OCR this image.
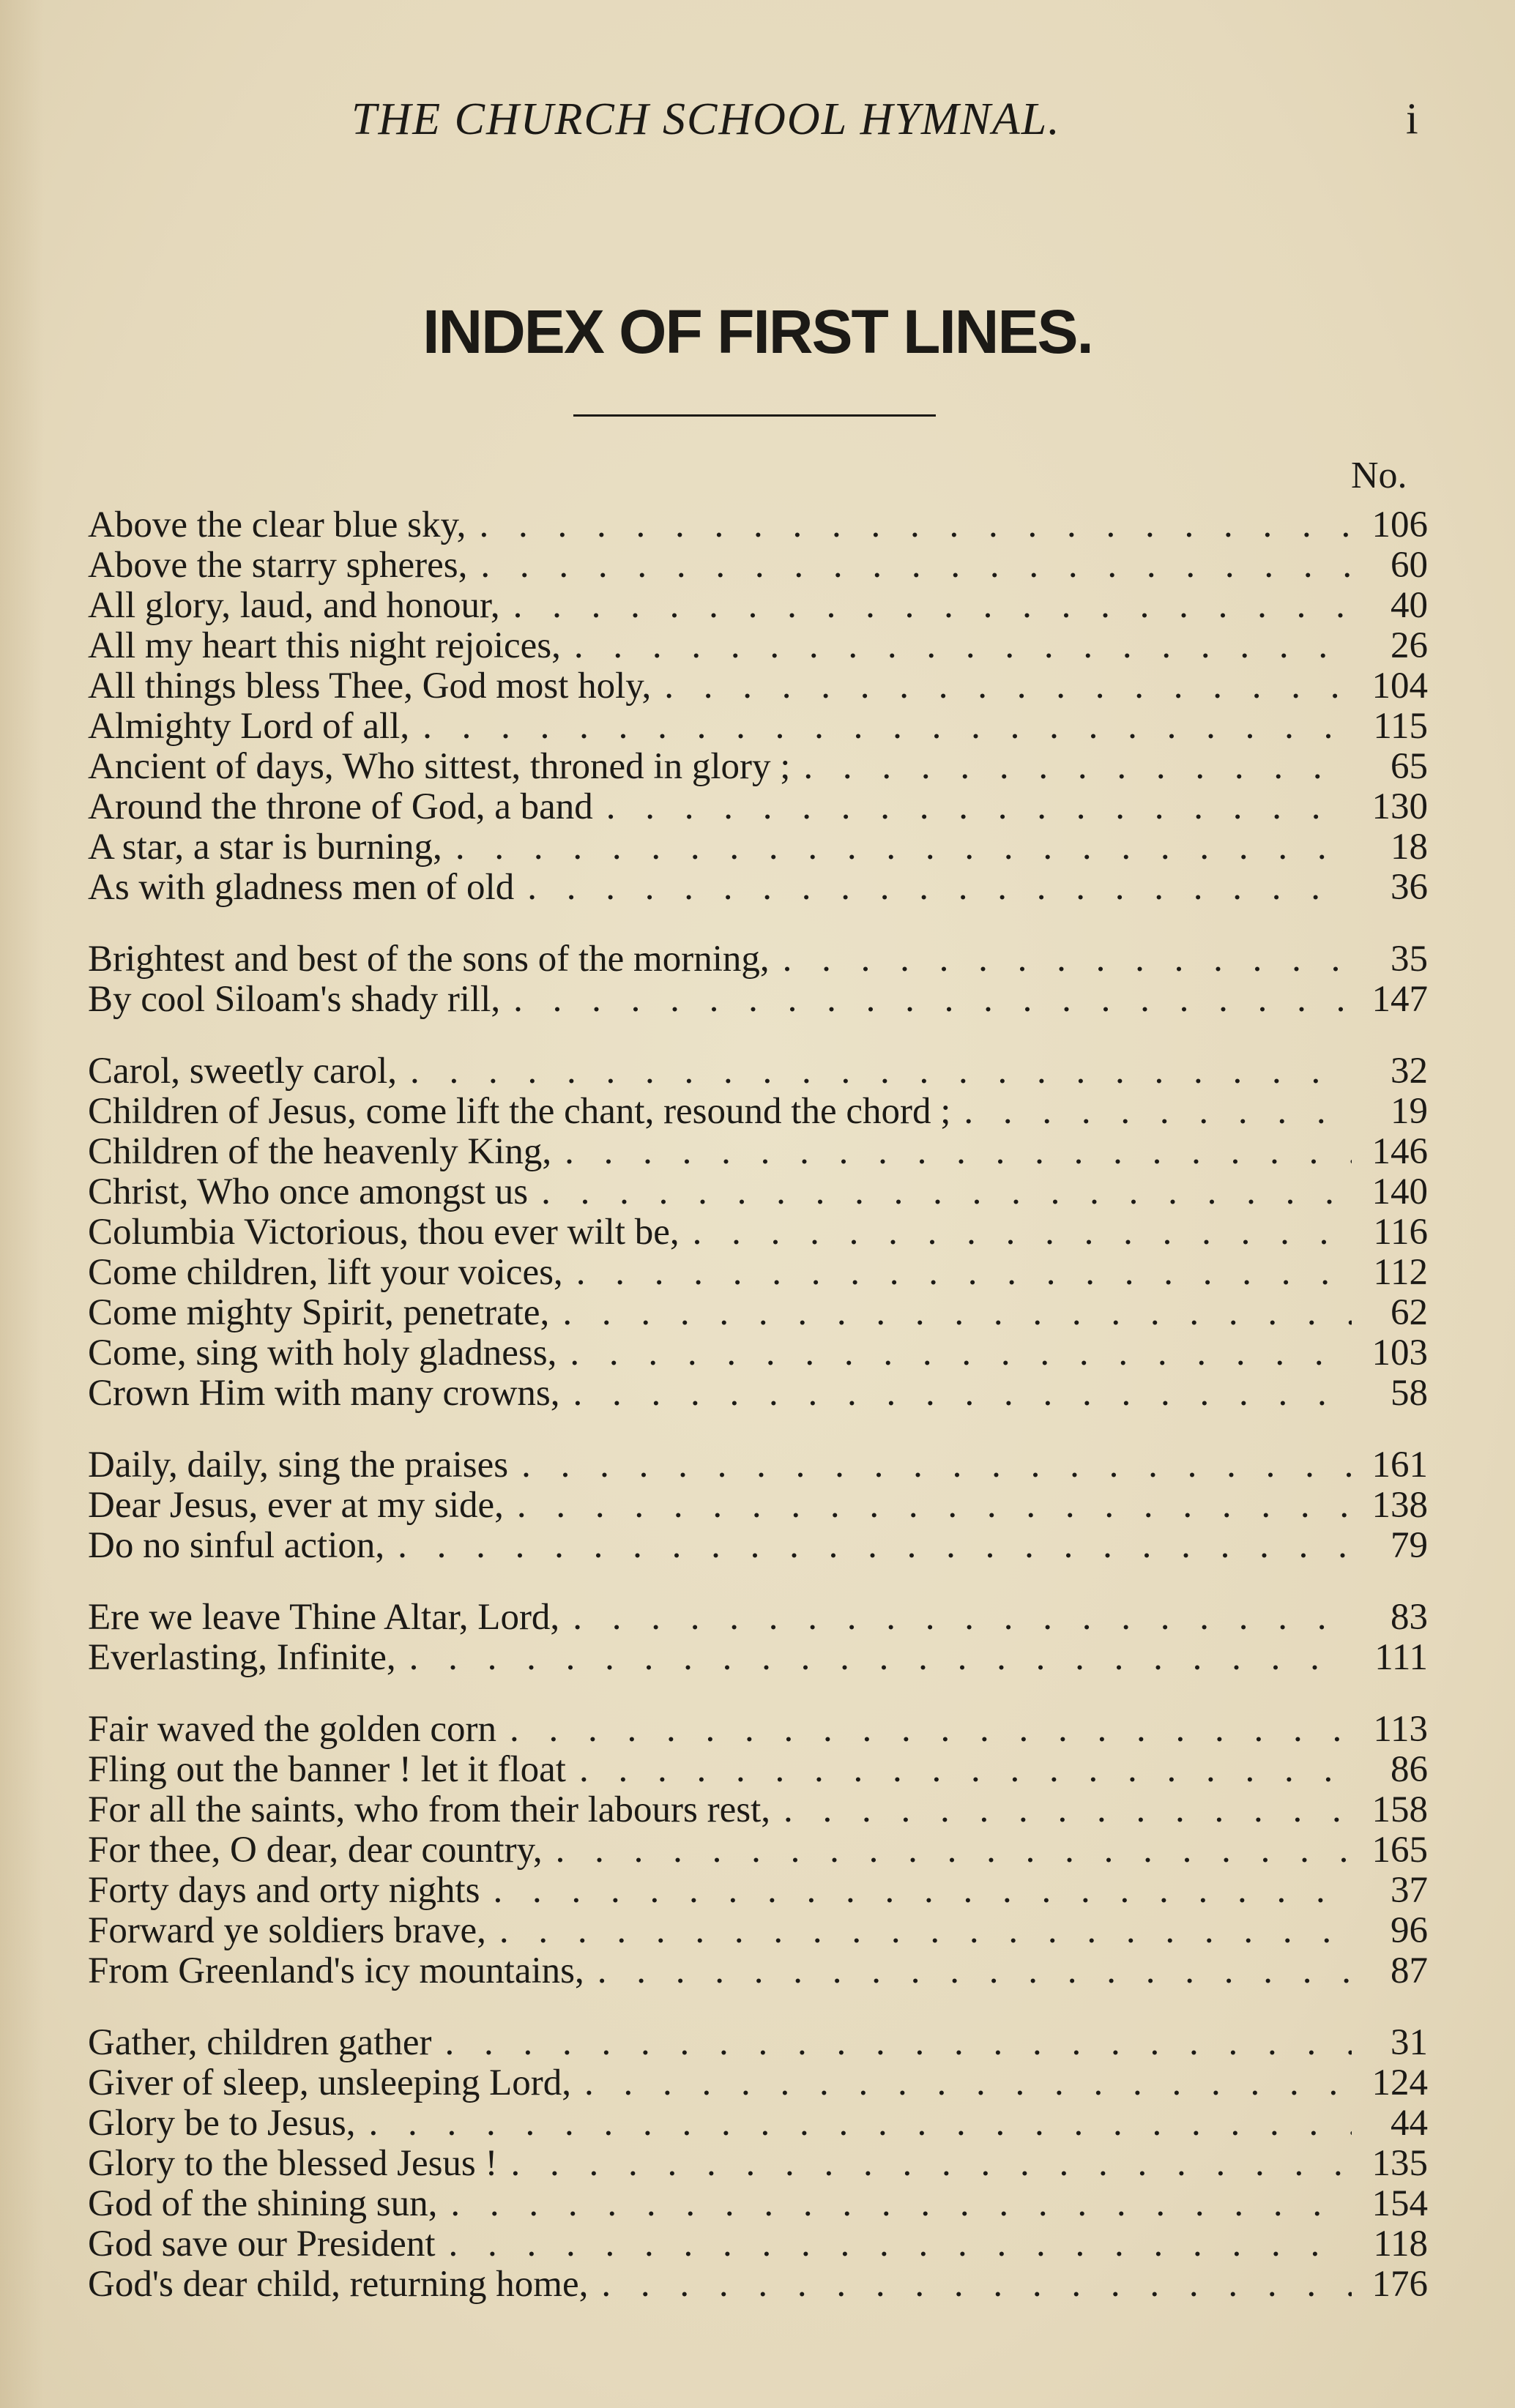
THE CHURCH SCHOOL HYMNAL.	i
INDEX OF FIRST LINES.
No.
Above the clear blue sky, . . .	106
Above the starry spheres, . . .	60
All glory, laud, and honour, . . .	40
All my heart this night rejoices, . . .	26
All things bless Thee, God most holy, . . .	104
Almighty Lord of all, . . .	115
Ancient of days, Who sittest, throned in glory ; . . .	65
Around the throne of God, a band . . .	130
A star, a star is burning, . . .	18
As with gladness men of old . . .	36
Brightest and best of the sons of the morning, . . .	35
By cool Siloam's shady rill, . . .	147
Carol, sweetly carol, . . .	32
Children of Jesus, come lift the chant, resound the chord ; . . .	19
Children of the heavenly King, . . .	146
Christ, Who once amongst us . . .	140
Columbia Victorious, thou ever wilt be, . . .	116
Come children, lift your voices, . . .	112
Come mighty Spirit, penetrate, . . .	62
Come, sing with holy gladness, . . .	103
Crown Him with many crowns, . . .	58
Daily, daily, sing the praises . . .	161
Dear Jesus, ever at my side, . . .	138
Do no sinful action, . . .	79
Ere we leave Thine Altar, Lord, . . .	83
Everlasting, Infinite, . . .	111
Fair waved the golden corn . . .	113
Fling out the banner ! let it float . . .	86
For all the saints, who from their labours rest, . . .	158
For thee, O dear, dear country, . . .	165
Forty days and orty nights . . .	37
Forward ye soldiers brave, . . .	96
From Greenland's icy mountains, . . .	87
Gather, children gather . . .	31
Giver of sleep, unsleeping Lord, . . .	124
Glory be to Jesus, . . .	44
Glory to the blessed Jesus ! . . .	135
God of the shining sun, . . .	154
God save our President . . .	118
God's dear child, returning home, . . .	176
